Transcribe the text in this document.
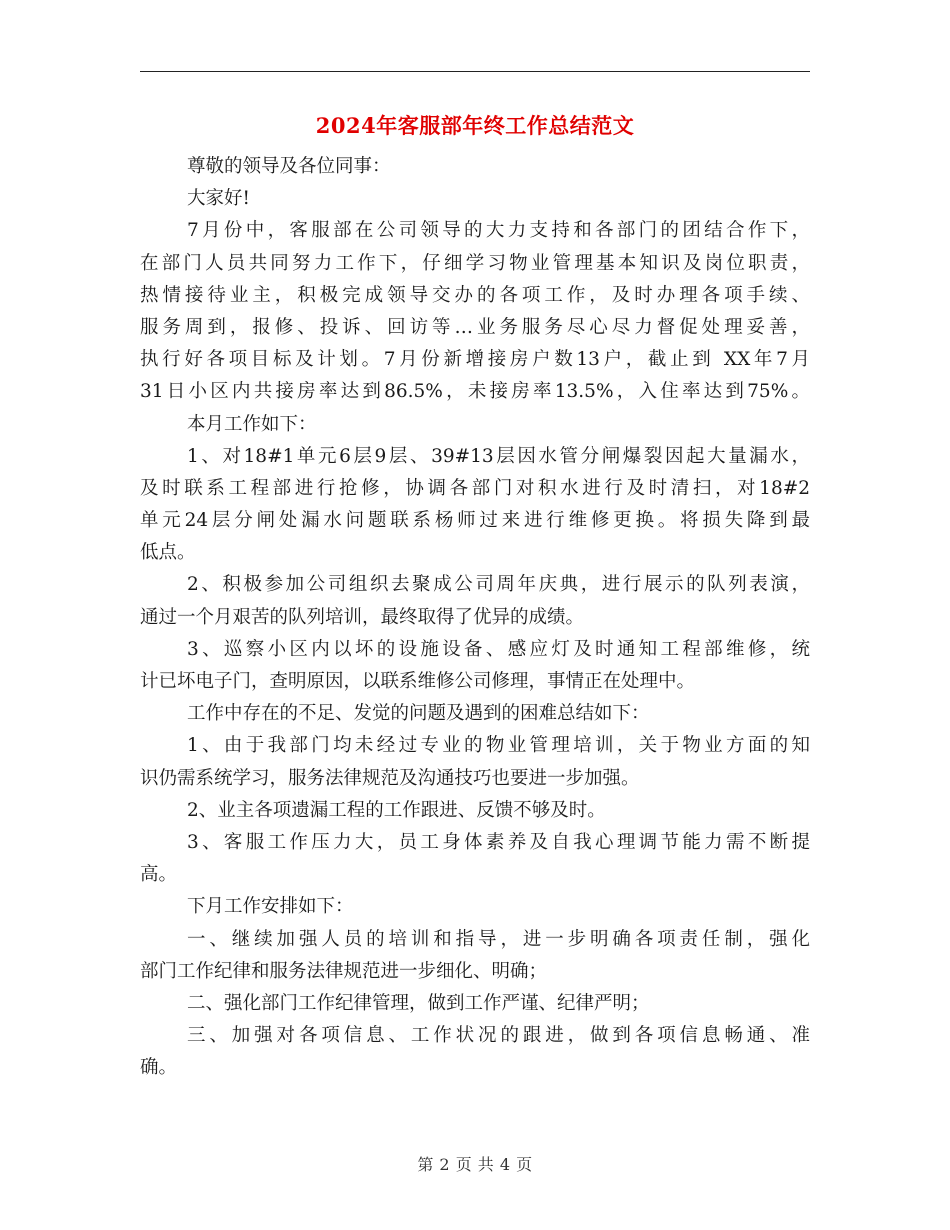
2024年客服部年终工作总结范文
尊敬的领导及各位同事：
大家好!
7月份中，客服部在公司领导的大力支持和各部门的团结合作下，
在部门人员共同努力工作下，仔细学习物业管理基本知识及岗位职责，
热情接待业主，积极完成领导交办的各项工作，及时办理各项手续、
服务周到，报修、投诉、回访等…业务服务尽心尽力督促处理妥善，
执行好各项目标及计划。7月份新增接房户数13户，截止到 XX年7月
31日小区内共接房率达到86.5%，未接房率13.5%，入住率达到75%。
本月工作如下：
1、对18#1单元6层9层、39#13层因水管分闸爆裂因起大量漏水，
及时联系工程部进行抢修，协调各部门对积水进行及时清扫，对18#2
单元24层分闸处漏水问题联系杨师过来进行维修更换。将损失降到最
低点。
2、积极参加公司组织去聚成公司周年庆典，进行展示的队列表演，
通过一个月艰苦的队列培训，最终取得了优异的成绩。
3、巡察小区内以坏的设施设备、感应灯及时通知工程部维修，统
计已坏电子门，查明原因，以联系维修公司修理，事情正在处理中。
工作中存在的不足、发觉的问题及遇到的困难总结如下：
1、由于我部门均未经过专业的物业管理培训，关于物业方面的知
识仍需系统学习，服务法律规范及沟通技巧也要进一步加强。
2、业主各项遗漏工程的工作跟进、反馈不够及时。
3、客服工作压力大，员工身体素养及自我心理调节能力需不断提
高。
下月工作安排如下：
一、继续加强人员的培训和指导，进一步明确各项责任制，强化
部门工作纪律和服务法律规范进一步细化、明确；
二、强化部门工作纪律管理，做到工作严谨、纪律严明；
三、加强对各项信息、工作状况的跟进，做到各项信息畅通、准
确。
第 2 页 共 4 页
